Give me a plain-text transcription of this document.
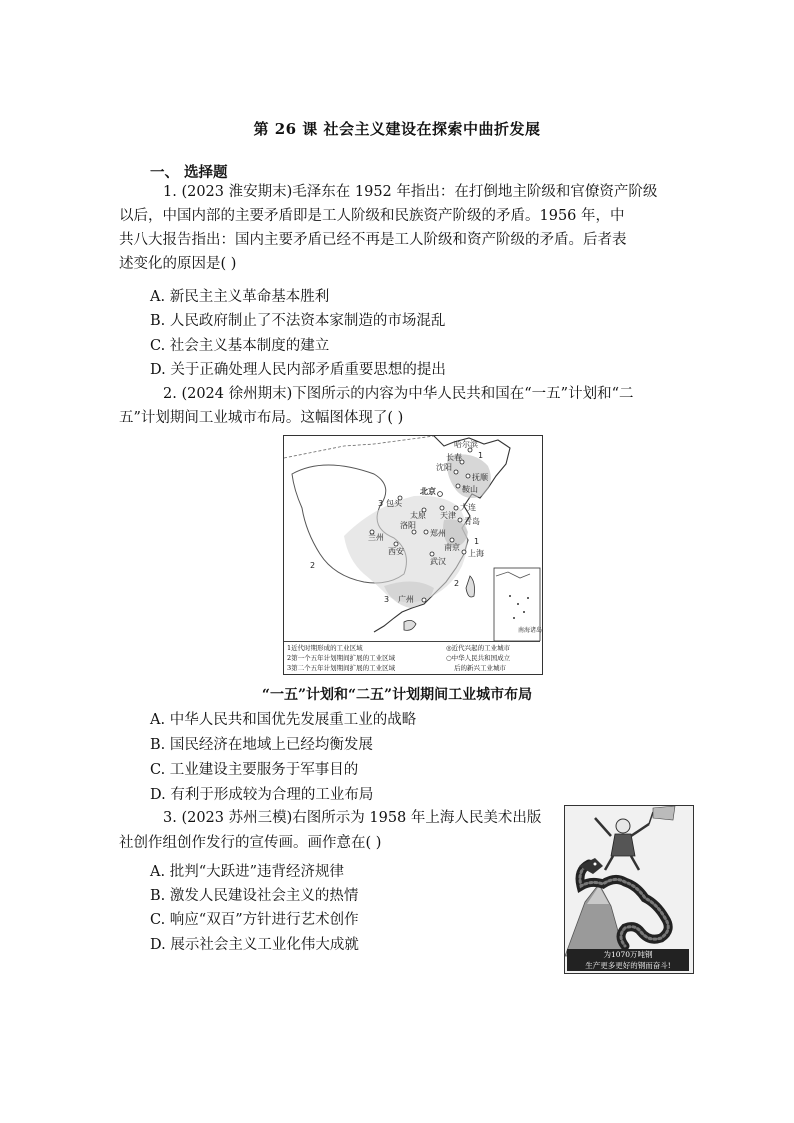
第 26 课 社会主义建设在探索中曲折发展
一、 选择题
1. (2023 淮安期末)毛泽东在 1952 年指出：在打倒地主阶级和官僚资产阶级
以后，中国内部的主要矛盾即是工人阶级和民族资产阶级的矛盾。1956 年，中
共八大报告指出：国内主要矛盾已经不再是工人阶级和资产阶级的矛盾。后者表
述变化的原因是( )
A. 新民主主义革命基本胜利
B. 人民政府制止了不法资本家制造的市场混乱
C. 社会主义基本制度的建立
D. 关于正确处理人民内部矛盾重要思想的提出
2. (2024 徐州期末)下图所示的内容为中华人民共和国在“一五”计划和“二
五”计划期间工业城市布局。这幅图体现了( )
哈尔滨
长春
沈阳
抚顺
鞍山
北京
包头
太原 天津
大连
青岛
兰州
洛阳
郑州
南京
西安
武汉
上海
广州
1
2
3
2
3
1
南海诸岛
1近代时期形成的工业区域
2第一个五年计划期间扩展的工业区域
3第二个五年计划期间扩展的工业区域
◎近代兴起的工业城市
○中华人民共和国成立
后的新兴工业城市
“一五”计划和“二五”计划期间工业城市布局
A. 中华人民共和国优先发展重工业的战略
B. 国民经济在地域上已经均衡发展
C. 工业建设主要服务于军事目的
D. 有利于形成较为合理的工业布局
3. (2023 苏州三模)右图所示为 1958 年上海人民美术出版
社创作组创作发行的宣传画。画作意在( )
A. 批判“大跃进”违背经济规律
B. 激发人民建设社会主义的热情
C. 响应“双百”方针进行艺术创作
D. 展示社会主义工业化伟大成就
为1070万吨钢
生产更多更好的钢而奋斗!
